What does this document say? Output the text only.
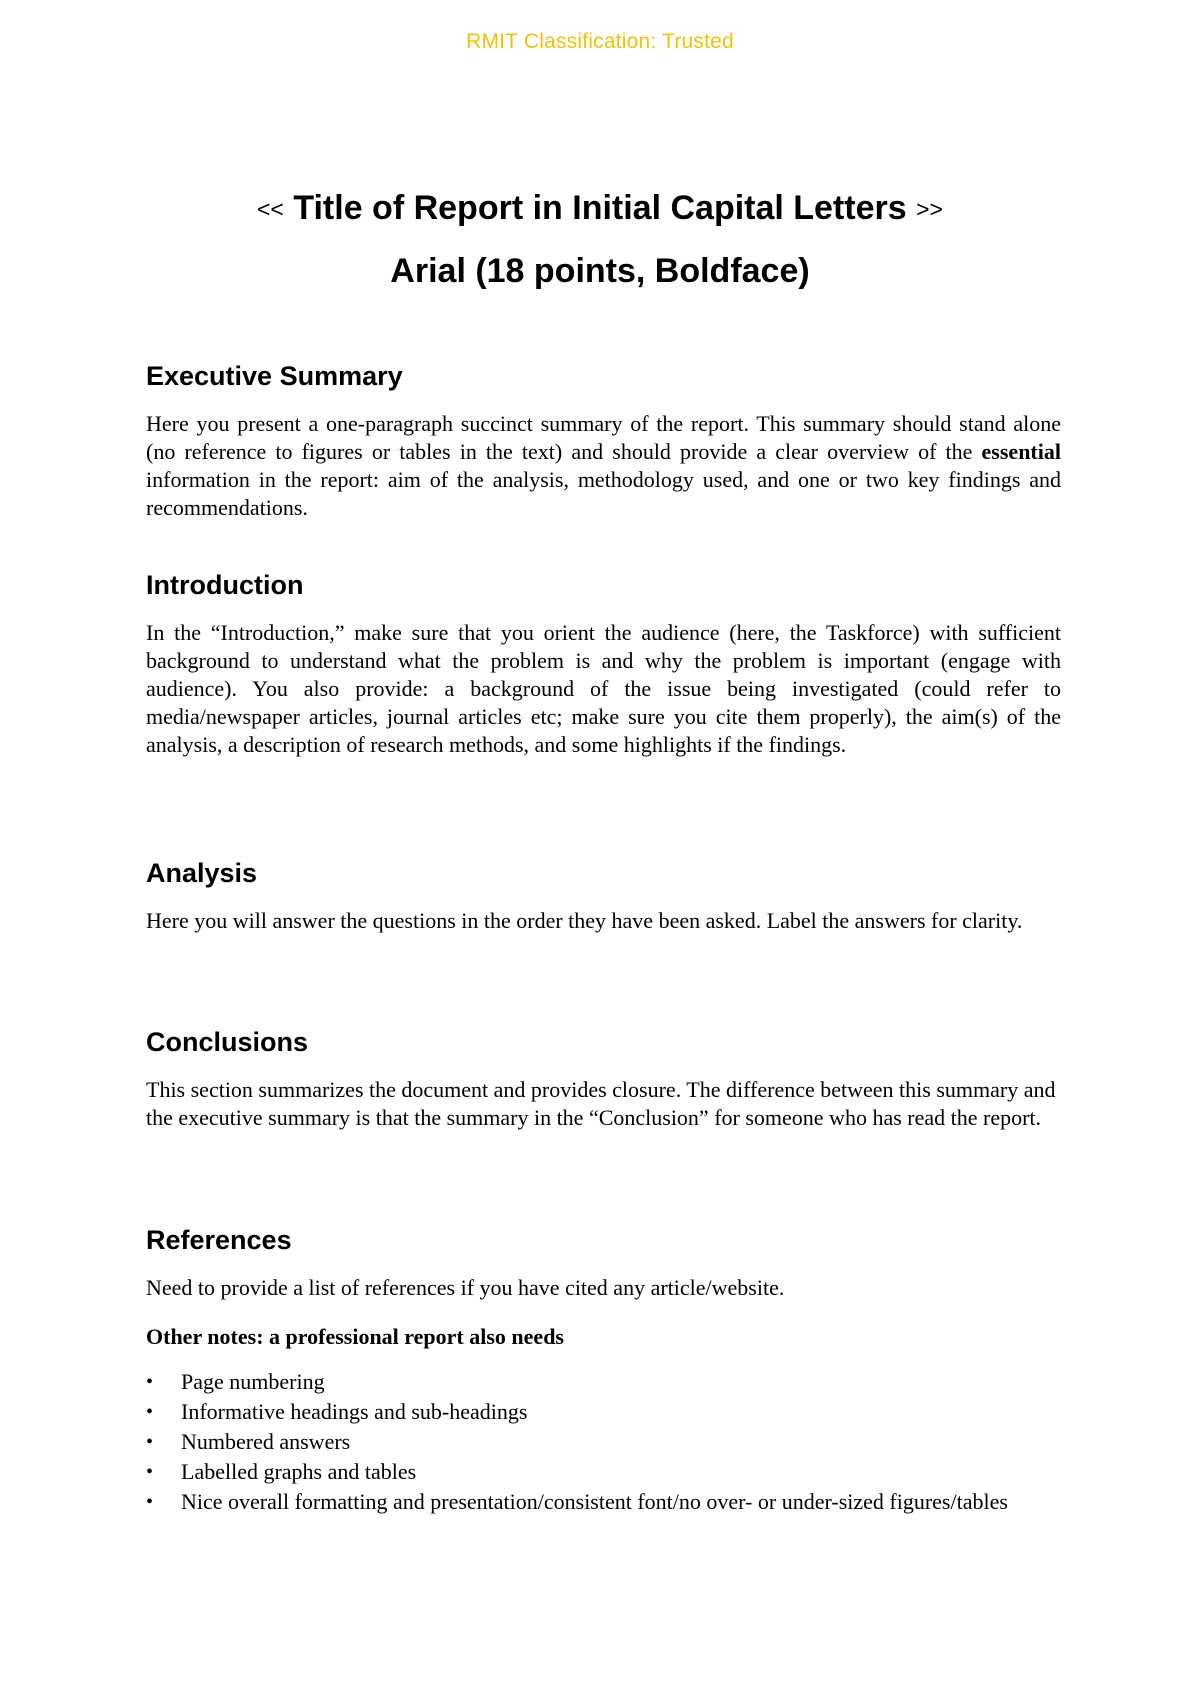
RMIT Classification: Trusted
<< Title of Report in Initial Capital Letters >>
Arial (18 points, Boldface)
Executive Summary

Here you present a one-paragraph succinct summary of the report. This summary should stand alone (no reference to figures or tables in the text) and should provide a clear overview of the essential information in the report: aim of the analysis, methodology used, and one or two key findings and recommendations.

Introduction

In the “Introduction,” make sure that you orient the audience (here, the Taskforce) with sufficient background to understand what the problem is and why the problem is important (engage with audience). You also provide: a background of the issue being investigated (could refer to media/newspaper articles, journal articles etc; make sure you cite them properly), the aim(s) of the analysis, a description of research methods, and some highlights if the findings.

Analysis

Here you will answer the questions in the order they have been asked. Label the answers for clarity.

Conclusions

This section summarizes the document and provides closure. The difference between this summary and the executive summary is that the summary in the “Conclusion” for someone who has read the report.

References

Need to provide a list of references if you have cited any article/website.

Other notes: a professional report also needs

•	Page numbering
•	Informative headings and sub-headings
•	Numbered answers
•	Labelled graphs and tables
•	Nice overall formatting and presentation/consistent font/no over- or under-sized figures/tables
